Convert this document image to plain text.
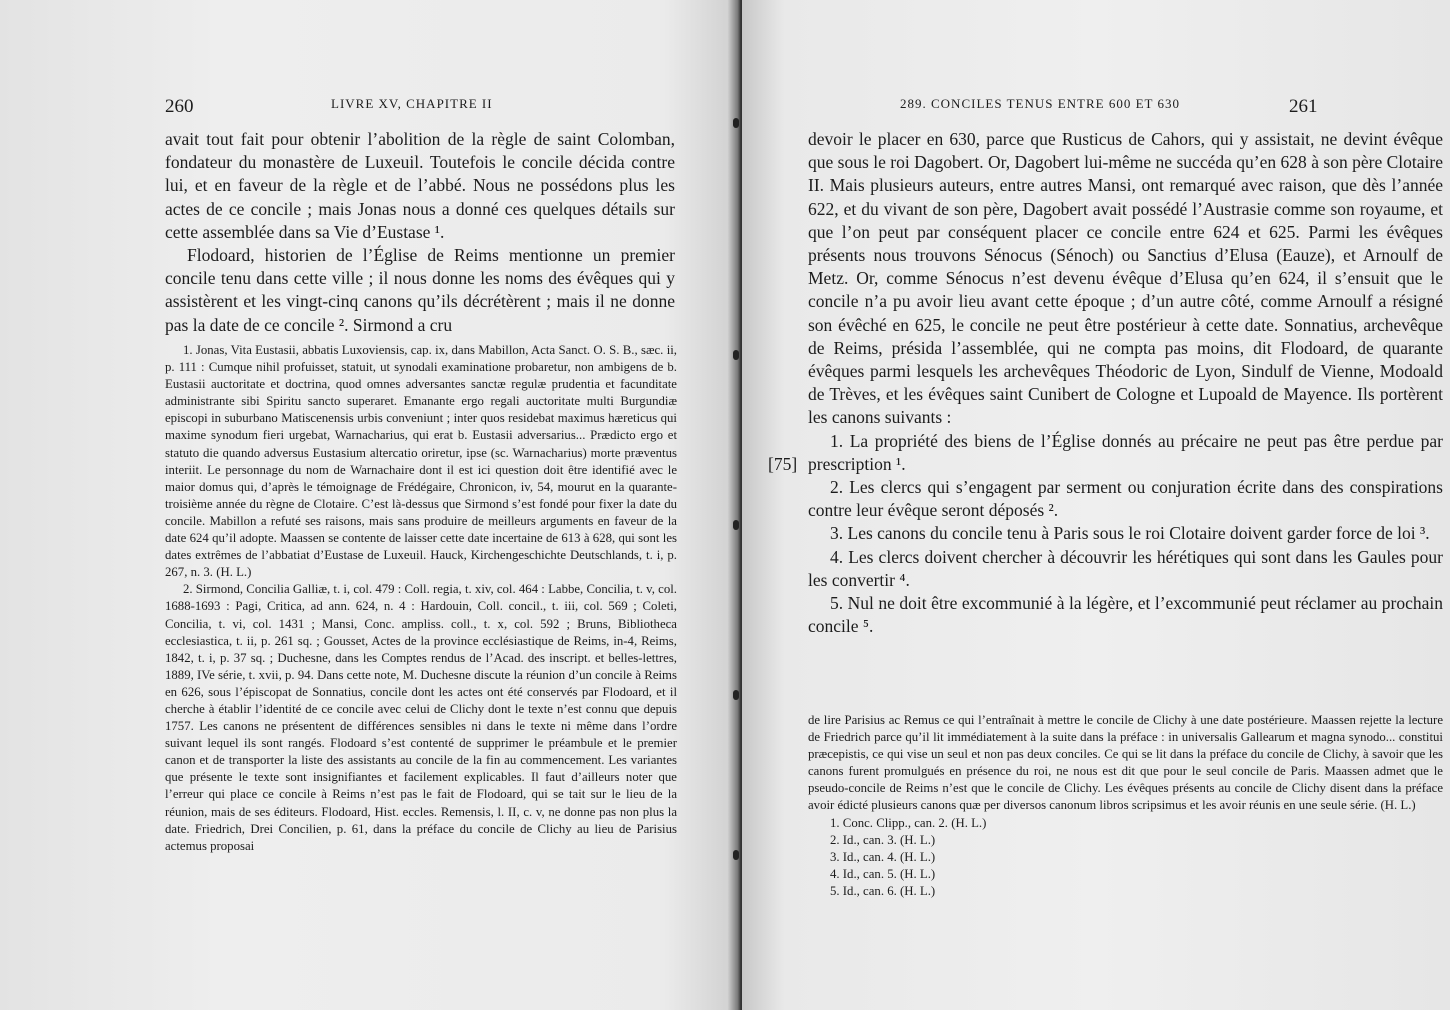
260	LIVRE XV, CHAPITRE II

avait tout fait pour obtenir l’abolition de la règle de saint Colomban, fondateur du monastère de Luxeuil. Toutefois le concile décida contre lui, et en faveur de la règle et de l’abbé. Nous ne possédons plus les actes de ce concile ; mais Jonas nous a donné ces quelques détails sur cette assemblée dans sa Vie d’Eustase ¹.

Flodoard, historien de l’Église de Reims mentionne un premier concile tenu dans cette ville ; il nous donne les noms des évêques qui y assistèrent et les vingt-cinq canons qu’ils décrétèrent ; mais il ne donne pas la date de ce concile ². Sirmond a cru

1. Jonas, Vita Eustasii, abbatis Luxoviensis, cap. ix, dans Mabillon, Acta Sanct. O. S. B., sæc. ii, p. 111 : Cumque nihil profuisset, statuit, ut synodali examinatione probaretur, non ambigens de b. Eustasii auctoritate et doctrina, quod omnes adversantes sanctæ regulæ prudentia et facunditate administrante sibi Spiritu sancto superaret. Emanante ergo regali auctoritate multi Burgundiæ episcopi in suburbano Matiscenensis urbis conveniunt ; inter quos residebat maximus hæreticus qui maxime synodum fieri urgebat, Warnacharius, qui erat b. Eustasii adversarius... Prædicto ergo et statuto die quando adversus Eustasium altercatio oriretur, ipse (sc. Warnacharius) morte præventus interiit. Le personnage du nom de Warnachaire dont il est ici question doit être identifié avec le maior domus qui, d’après le témoignage de Frédégaire, Chronicon, iv, 54, mourut en la quarante-troisième année du règne de Clotaire. C’est là-dessus que Sirmond s’est fondé pour fixer la date du concile. Mabillon a refuté ses raisons, mais sans produire de meilleurs arguments en faveur de la date 624 qu’il adopte. Maassen se contente de laisser cette date incertaine de 613 à 628, qui sont les dates extrêmes de l’abbatiat d’Eustase de Luxeuil. Hauck, Kirchengeschichte Deutschlands, t. i, p. 267, n. 3. (H. L.)

2. Sirmond, Concilia Galliæ, t. i, col. 479 : Coll. regia, t. xiv, col. 464 : Labbe, Concilia, t. v, col. 1688-1693 : Pagi, Critica, ad ann. 624, n. 4 : Hardouin, Coll. concil., t. iii, col. 569 ; Coleti, Concilia, t. vi, col. 1431 ; Mansi, Conc. ampliss. coll., t. x, col. 592 ; Bruns, Bibliotheca ecclesiastica, t. ii, p. 261 sq. ; Gousset, Actes de la province ecclésiastique de Reims, in-4, Reims, 1842, t. i, p. 37 sq. ; Duchesne, dans les Comptes rendus de l’Acad. des inscript. et belles-lettres, 1889, IVe série, t. xvii, p. 94. Dans cette note, M. Duchesne discute la réunion d’un concile à Reims en 626, sous l’épiscopat de Sonnatius, concile dont les actes ont été conservés par Flodoard, et il cherche à établir l’identité de ce concile avec celui de Clichy dont le texte n’est connu que depuis 1757. Les canons ne présentent de différences sensibles ni dans le texte ni même dans l’ordre suivant lequel ils sont rangés. Flodoard s’est contenté de supprimer le préambule et le premier canon et de transporter la liste des assistants au concile de la fin au commencement. Les variantes que présente le texte sont insignifiantes et facilement explicables. Il faut d’ailleurs noter que l’erreur qui place ce concile à Reims n’est pas le fait de Flodoard, qui se tait sur le lieu de la réunion, mais de ses éditeurs. Flodoard, Hist. eccles. Remensis, l. II, c. v, ne donne pas non plus la date. Friedrich, Drei Concilien, p. 61, dans la préface du concile de Clichy au lieu de Parisius actemus proposai

289. CONCILES TENUS ENTRE 600 ET 630	261

devoir le placer en 630, parce que Rusticus de Cahors, qui y assistait, ne devint évêque que sous le roi Dagobert. Or, Dagobert lui-même ne succéda qu’en 628 à son père Clotaire II. Mais plusieurs auteurs, entre autres Mansi, ont remarqué avec raison, que dès l’année 622, et du vivant de son père, Dagobert avait possédé l’Austrasie comme son royaume, et que l’on peut par conséquent placer ce concile entre 624 et 625. Parmi les évêques présents nous trouvons Sénocus (Sénoch) ou Sanctius d’Elusa (Eauze), et Arnoulf de Metz. Or, comme Sénocus n’est devenu évêque d’Elusa qu’en 624, il s’ensuit que le concile n’a pu avoir lieu avant cette époque ; d’un autre côté, comme Arnoulf a résigné son évêché en 625, le concile ne peut être postérieur à cette date. Sonnatius, archevêque de Reims, présida l’assemblée, qui ne compta pas moins, dit Flodoard, de quarante évêques parmi lesquels les archevêques Théodoric de Lyon, Sindulf de Vienne, Modoald de Trèves, et les évêques saint Cunibert de Cologne et Lupoald de Mayence. Ils portèrent les canons suivants :

1. La propriété des biens de l’Église donnés au précaire ne peut pas être perdue par prescription ¹.

2. Les clercs qui s’engagent par serment ou conjuration écrite dans des conspirations contre leur évêque seront déposés ².

3. Les canons du concile tenu à Paris sous le roi Clotaire doivent garder force de loi ³.

4. Les clercs doivent chercher à découvrir les hérétiques qui sont dans les Gaules pour les convertir ⁴.

5. Nul ne doit être excommunié à la légère, et l’excommunié peut réclamer au prochain concile ⁵.

de lire Parisius ac Remus ce qui l’entraînait à mettre le concile de Clichy à une date postérieure. Maassen rejette la lecture de Friedrich parce qu’il lit immédiatement à la suite dans la préface : in universalis Gallearum et magna synodo... constitui præcepistis, ce qui vise un seul et non pas deux conciles. Ce qui se lit dans la préface du concile de Clichy, à savoir que les canons furent promulgués en présence du roi, ne nous est dit que pour le seul concile de Paris. Maassen admet que le pseudo-concile de Reims n’est que le concile de Clichy. Les évêques présents au concile de Clichy disent dans la préface avoir édicté plusieurs canons quæ per diversos canonum libros scripsimus et les avoir réunis en une seule série. (H. L.)

1. Conc. Clipp., can. 2. (H. L.)

2. Id., can. 3. (H. L.)

3. Id., can. 4. (H. L.)

4. Id., can. 5. (H. L.)

5. Id., can. 6. (H. L.)

[75]
